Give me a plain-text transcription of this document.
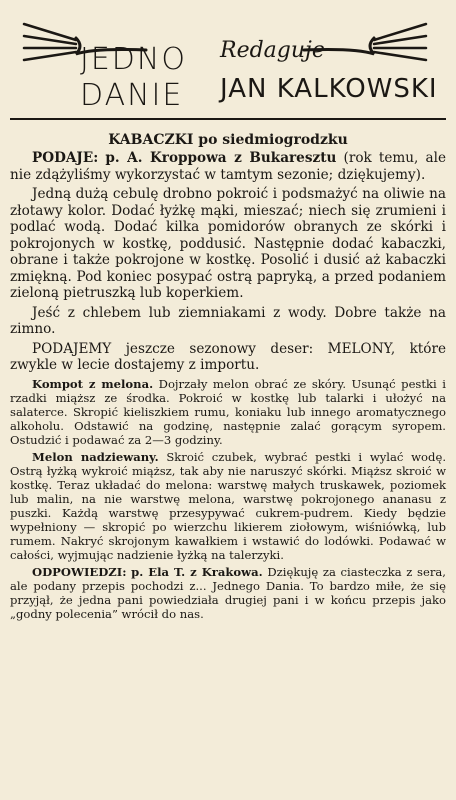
JEDNO
DANIE
Redaguje
JAN KALKOWSKI
KABACZKI po siedmiogrodzku

PODAJE: p. A. Kroppowa z Bukaresztu (rok temu, ale nie zdążyliśmy wykorzystać w tamtym sezonie; dziękujemy).

Jedną dużą cebulę drobno pokroić i podsmażyć na oliwie na złotawy kolor. Dodać łyżkę mąki, mieszać; niech się zrumieni i podlać wodą. Dodać kilka pomidorów obranych ze skórki i pokrojonych w kostkę, poddusić. Następnie dodać kabaczki, obrane i także pokrojone w kostkę. Posolić i dusić aż kabaczki zmiękną. Pod koniec posypać ostrą papryką, a przed podaniem zieloną pietruszką lub koperkiem.

Jeść z chlebem lub ziemniakami z wody. Dobre także na zimno.

PODAJEMY jeszcze sezonowy deser: MELONY, które zwykle w lecie dostajemy z importu.

Kompot z melona. Dojrzały melon obrać ze skóry. Usunąć pestki i rzadki miąższ ze środka. Pokroić w kostkę lub talarki i ułożyć na salaterce. Skropić kieliszkiem rumu, koniaku lub innego aromatycznego alkoholu. Odstawić na godzinę, następnie zalać gorącym syropem. Ostudzić i podawać za 2—3 godziny.

Melon nadziewany. Skroić czubek, wybrać pestki i wylać wodę. Ostrą łyżką wykroić miąższ, tak aby nie naruszyć skórki. Miąższ skroić w kostkę. Teraz układać do melona: warstwę małych truskawek, poziomek lub malin, na nie warstwę melona, warstwę pokrojonego ananasu z puszki. Każdą warstwę przesypywać cukrem-pudrem. Kiedy będzie wypełniony — skropić po wierzchu likierem ziołowym, wiśniówką, lub rumem. Nakryć skrojonym kawałkiem i wstawić do lodówki. Podawać w całości, wyjmując nadzienie łyżką na talerzyki.

ODPOWIEDZI: p. Ela T. z Krakowa. Dziękuję za ciasteczka z sera, ale podany przepis pochodzi z... Jednego Dania. To bardzo miłe, że się przyjął, że jedna pani powiedziała drugiej pani i w końcu przepis jako „godny polecenia” wrócił do nas.
